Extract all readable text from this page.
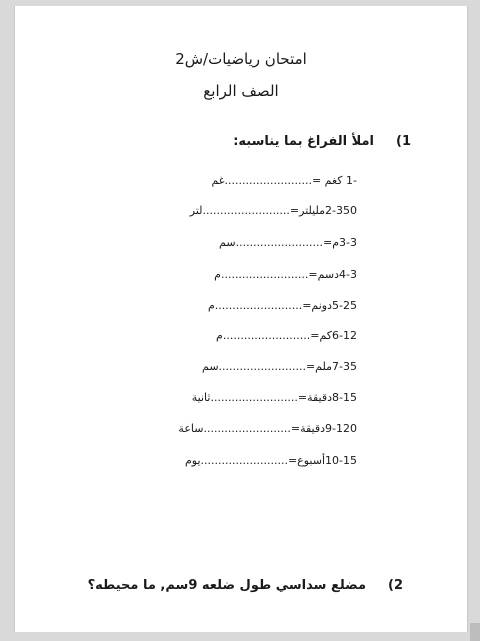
امتحان رياضيات/ش2
الصف الرابع
1)املأ الفراغ بما يناسبه:
-1 كغم =.........................غم
2-350مليلتر=.........................لتر
3-3م=.........................سم
4-3دسم=.........................م
5-25دونم=.........................م
6-12كم=.........................م
7-35ملم=.........................سم
8-15دقيقة=.........................ثانية
9-120دقيقة=.........................ساعة
10-15أسبوع=.........................يوم
2)مضلع سداسي طول ضلعه 9سم, ما محيطه؟
